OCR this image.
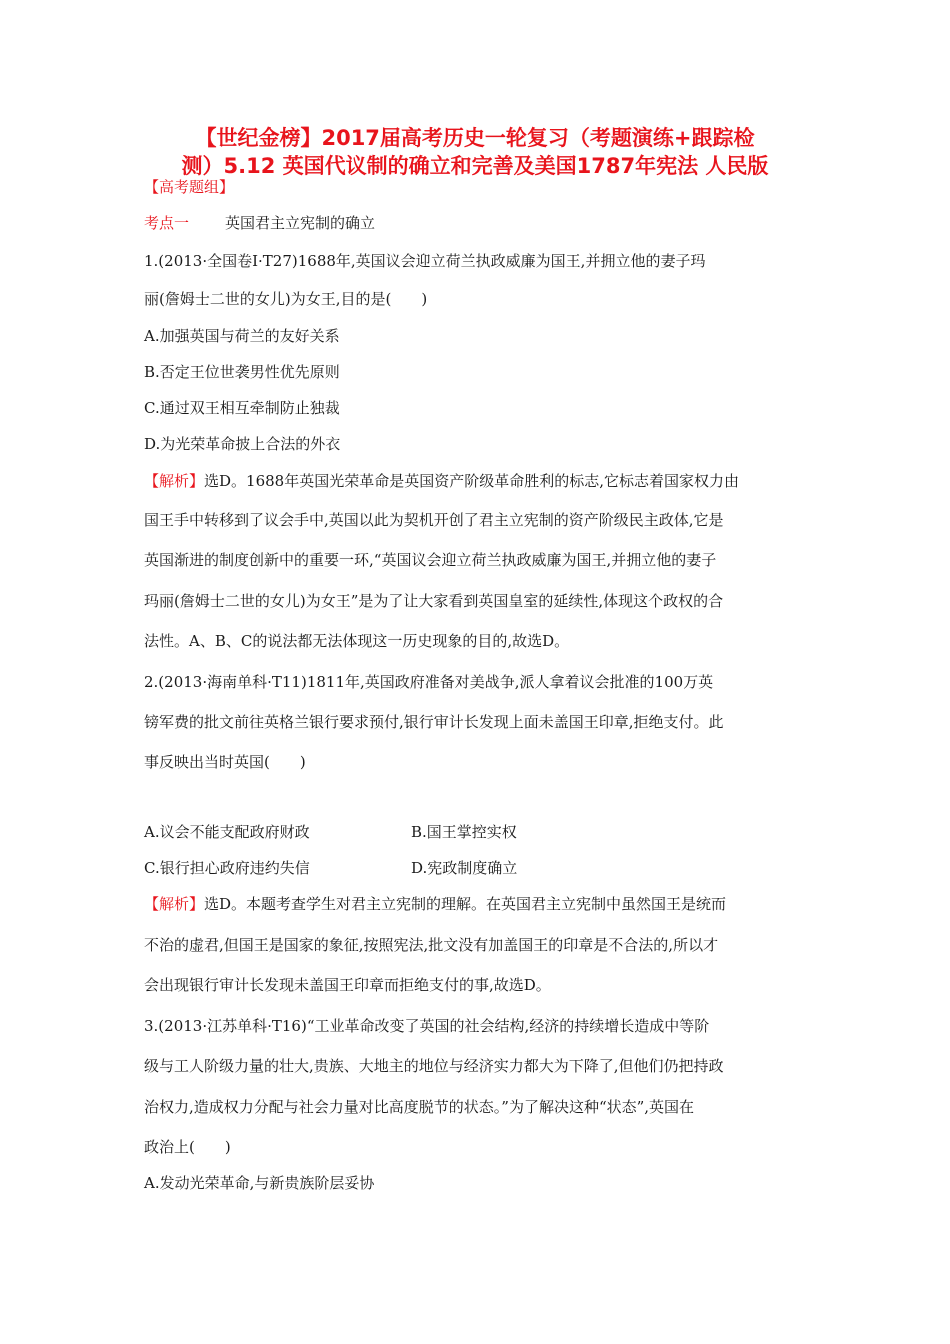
【世纪金榜】2017届高考历史一轮复习（考题演练+跟踪检
测）5.12 英国代议制的确立和完善及美国1787年宪法 人民版
【高考题组】
考点一 英国君主立宪制的确立
1.(2013·全国卷Ⅰ·T27)1688年,英国议会迎立荷兰执政威廉为国王,并拥立他的妻子玛
丽(詹姆士二世的女儿)为女王,目的是(　　)
A.加强英国与荷兰的友好关系
B.否定王位世袭男性优先原则
C.通过双王相互牵制防止独裁
D.为光荣革命披上合法的外衣
【解析】选D。1688年英国光荣革命是英国资产阶级革命胜利的标志,它标志着国家权力由
国王手中转移到了议会手中,英国以此为契机开创了君主立宪制的资产阶级民主政体,它是
英国渐进的制度创新中的重要一环,“英国议会迎立荷兰执政威廉为国王,并拥立他的妻子
玛丽(詹姆士二世的女儿)为女王”是为了让大家看到英国皇室的延续性,体现这个政权的合
法性。A、B、C的说法都无法体现这一历史现象的目的,故选D。
2.(2013·海南单科·T11)1811年,英国政府准备对美战争,派人拿着议会批准的100万英
镑军费的批文前往英格兰银行要求预付,银行审计长发现上面未盖国王印章,拒绝支付。此
事反映出当时英国(　　)
A.议会不能支配政府财政	B.国王掌控实权
C.银行担心政府违约失信	D.宪政制度确立
【解析】选D。本题考查学生对君主立宪制的理解。在英国君主立宪制中虽然国王是统而
不治的虚君,但国王是国家的象征,按照宪法,批文没有加盖国王的印章是不合法的,所以才
会出现银行审计长发现未盖国王印章而拒绝支付的事,故选D。
3.(2013·江苏单科·T16)“工业革命改变了英国的社会结构,经济的持续增长造成中等阶
级与工人阶级力量的壮大,贵族、大地主的地位与经济实力都大为下降了,但他们仍把持政
治权力,造成权力分配与社会力量对比高度脱节的状态。”为了解决这种“状态”,英国在
政治上(　　)
A.发动光荣革命,与新贵族阶层妥协
